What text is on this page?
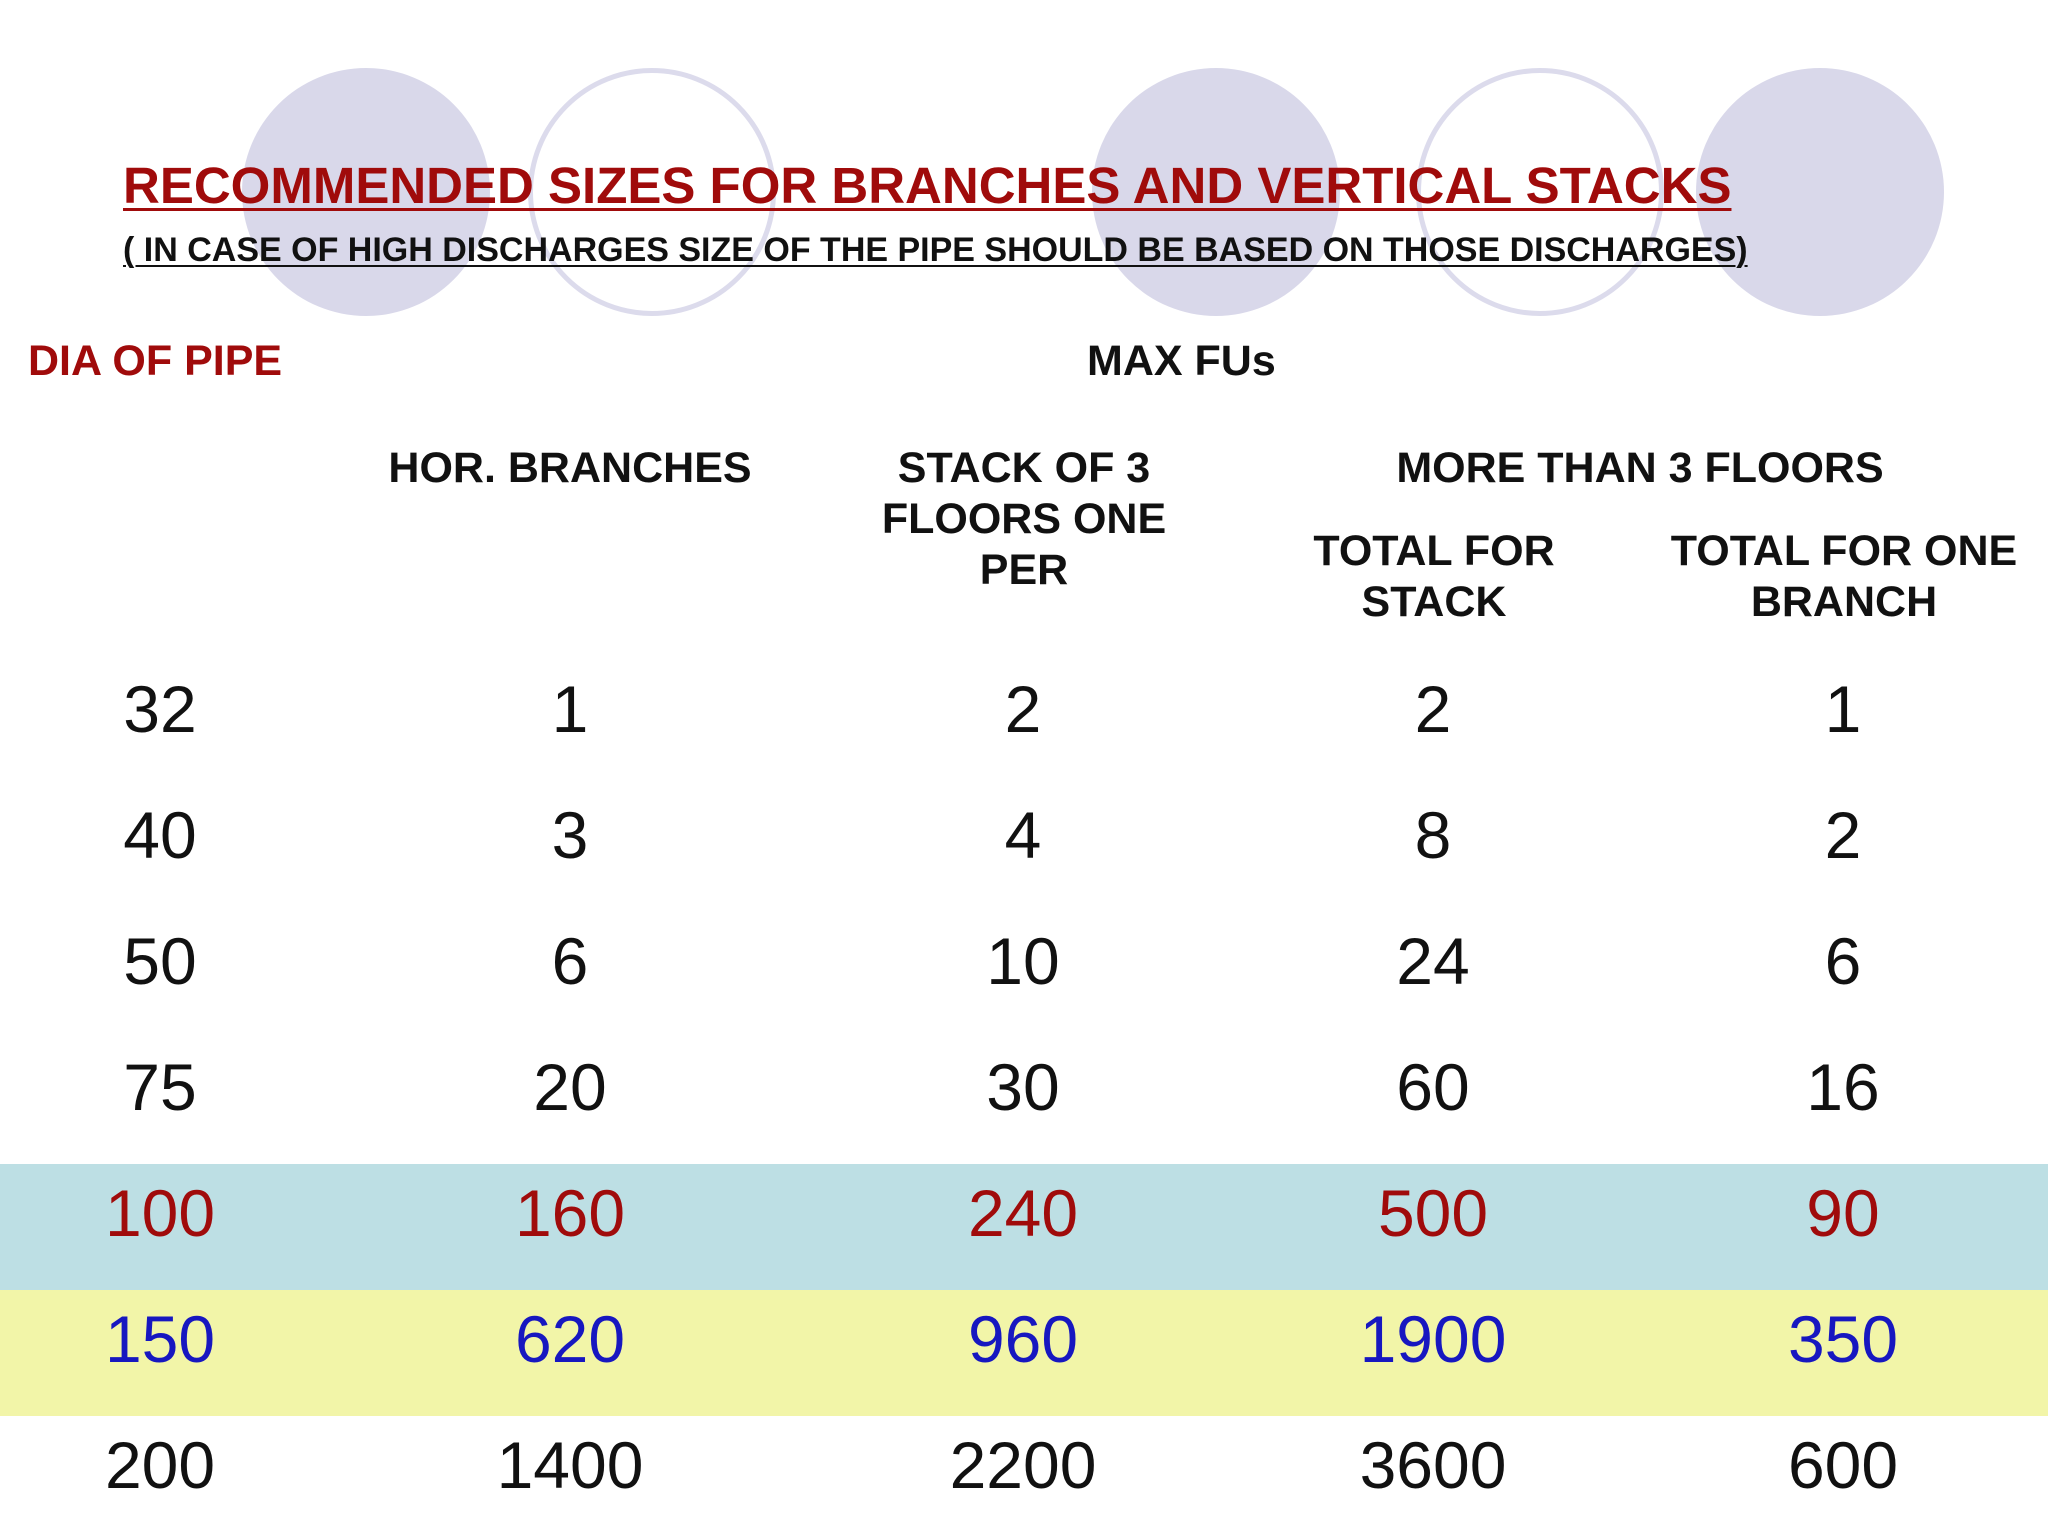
RECOMMENDED SIZES FOR BRANCHES AND VERTICAL STACKS
( IN CASE OF HIGH DISCHARGES SIZE OF THE PIPE SHOULD BE BASED ON THOSE DISCHARGES)
DIA OF PIPE	MAX FUs
HOR. BRANCHES	STACK OF 3
FLOORS ONE
PER
MORE THAN 3 FLOORS
TOTAL FOR
STACK
TOTAL FOR ONE
BRANCH
32	1	2	2	1
40	3	4	8	2
50	6	10	24	6
75	20	30	60	16
100	160	240	500	90
150	620	960	1900	350
200	1400	2200	3600	600
